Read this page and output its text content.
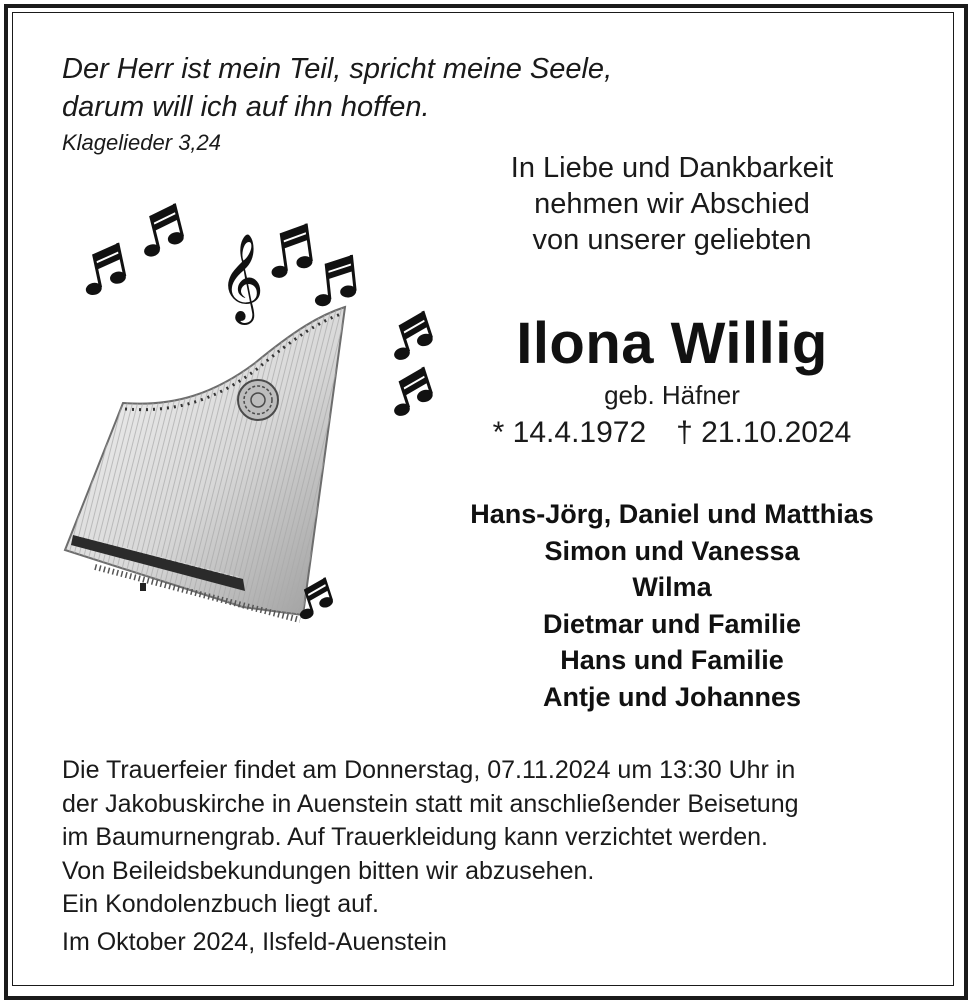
Der Herr ist mein Teil, spricht meine Seele,
darum will ich auf ihn hoffen.
Klagelieder 3,24
In Liebe und Dankbarkeit
nehmen wir Abschied
von unserer geliebten
Ilona Willig
geb. Häfner
* 14.4.1972 † 21.10.2024
Hans-Jörg, Daniel und Matthias
Simon und Vanessa
Wilma
Dietmar und Familie
Hans und Familie
Antje und Johannes
Die Trauerfeier findet am Donnerstag, 07.11.2024 um 13:30 Uhr in
der Jakobuskirche in Auenstein statt mit anschließender Beisetung
im Baumurnengrab. Auf Trauerkleidung kann verzichtet werden.
Von Beileidsbekundungen bitten wir abzusehen.
Ein Kondolenzbuch liegt auf.
Im Oktober 2024, Ilsfeld-Auenstein
𝄞
